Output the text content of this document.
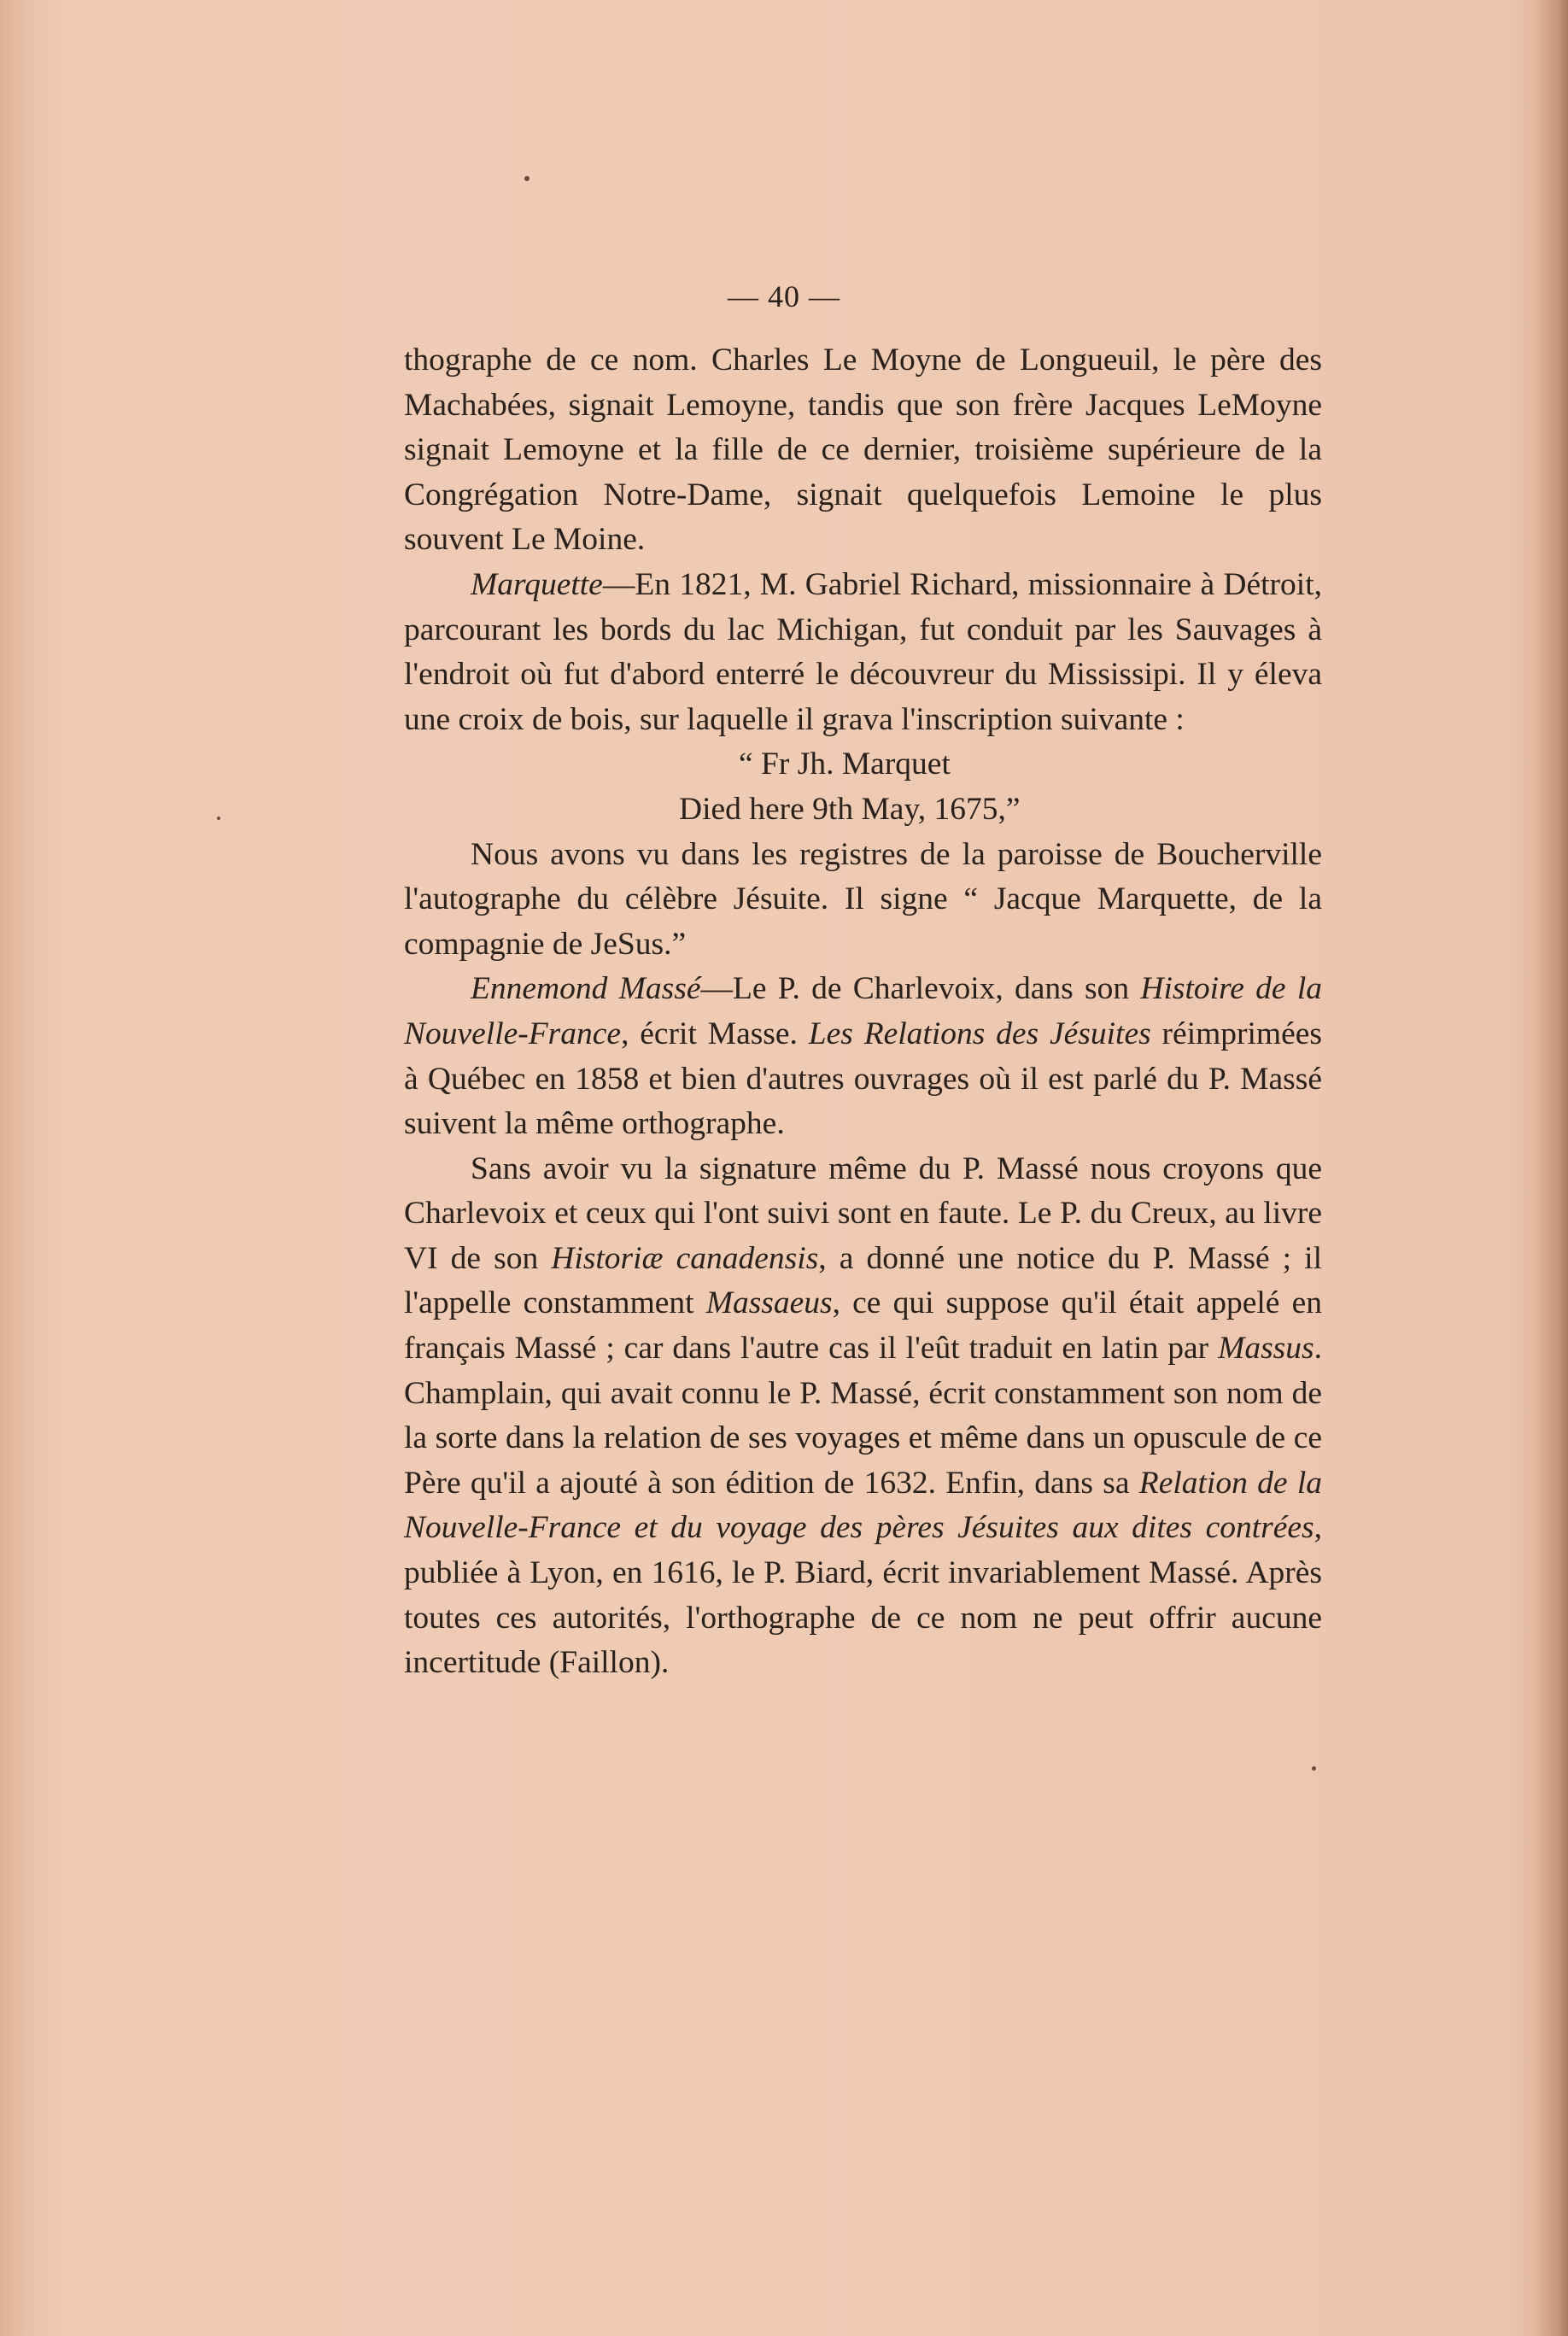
— 40 —

thographe de ce nom. Charles Le Moyne de Longueuil, le père des Machabées, signait Lemoyne, tandis que son frère Jacques LeMoyne signait Lemoyne et la fille de ce dernier, troisième supérieure de la Congrégation Notre-Dame, signait quelquefois Lemoine le plus souvent Le Moine.

Marquette—En 1821, M. Gabriel Richard, missionnaire à Détroit, parcourant les bords du lac Michigan, fut conduit par les Sauvages à l'endroit où fut d'abord enterré le découvreur du Mississipi. Il y éleva une croix de bois, sur laquelle il grava l'inscription suivante :

“ Fr Jh. Marquet

Died here 9th May, 1675,”

Nous avons vu dans les registres de la paroisse de Boucherville l'autographe du célèbre Jésuite. Il signe “ Jacque Marquette, de la compagnie de JeSus.”

Ennemond Massé—Le P. de Charlevoix, dans son Histoire de la Nouvelle-France, écrit Masse. Les Relations des Jésuites réimprimées à Québec en 1858 et bien d'autres ouvrages où il est parlé du P. Massé suivent la même orthographe.

Sans avoir vu la signature même du P. Massé nous croyons que Charlevoix et ceux qui l'ont suivi sont en faute. Le P. du Creux, au livre VI de son Historiæ canadensis, a donné une notice du P. Massé ; il l'appelle constamment Massaeus, ce qui suppose qu'il était appelé en français Massé ; car dans l'autre cas il l'eût traduit en latin par Massus. Champlain, qui avait connu le P. Massé, écrit constamment son nom de la sorte dans la relation de ses voyages et même dans un opuscule de ce Père qu'il a ajouté à son édition de 1632. Enfin, dans sa Relation de la Nouvelle-France et du voyage des pères Jésuites aux dites contrées, publiée à Lyon, en 1616, le P. Biard, écrit invariablement Massé. Après toutes ces autorités, l'orthographe de ce nom ne peut offrir aucune incertitude (Faillon).
